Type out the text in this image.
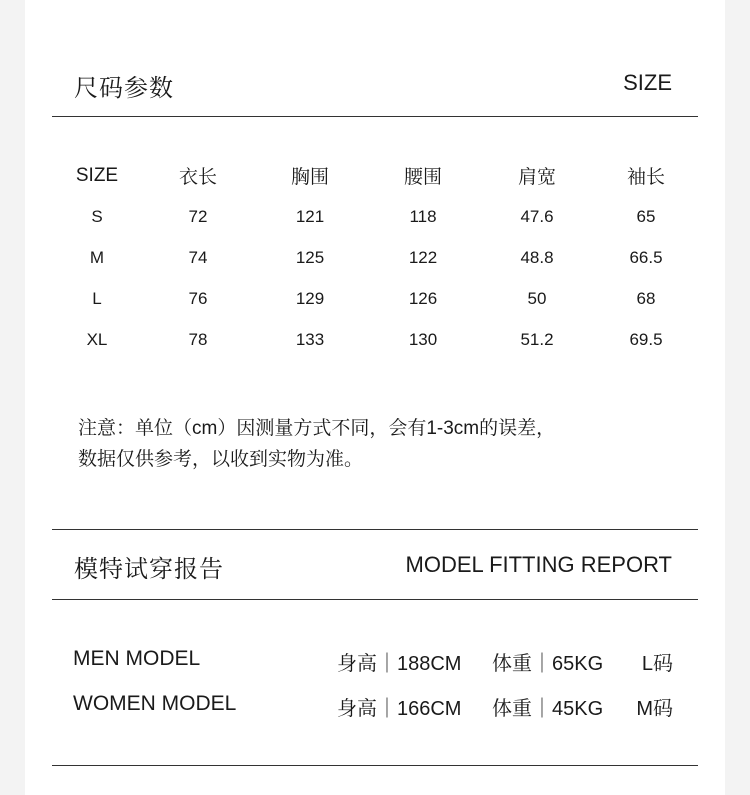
尺码参数	SIZE
SIZE	衣长	胸围	腰围	肩宽	袖长
S	72	121	118	47.6	65
M	74	125	122	48.8	66.5
L	76	129	126	50	68
XL	78	133	130	51.2	69.5
注意：单位（cm）因测量方式不同，会有1-3cm的误差，
数据仅供参考，以收到实物为准。
模特试穿报告	MODEL FITTING REPORT
MEN MODEL	身高｜188CM 体重｜65KG L码
WOMEN MODEL	身高｜166CM 体重｜45KG M码
